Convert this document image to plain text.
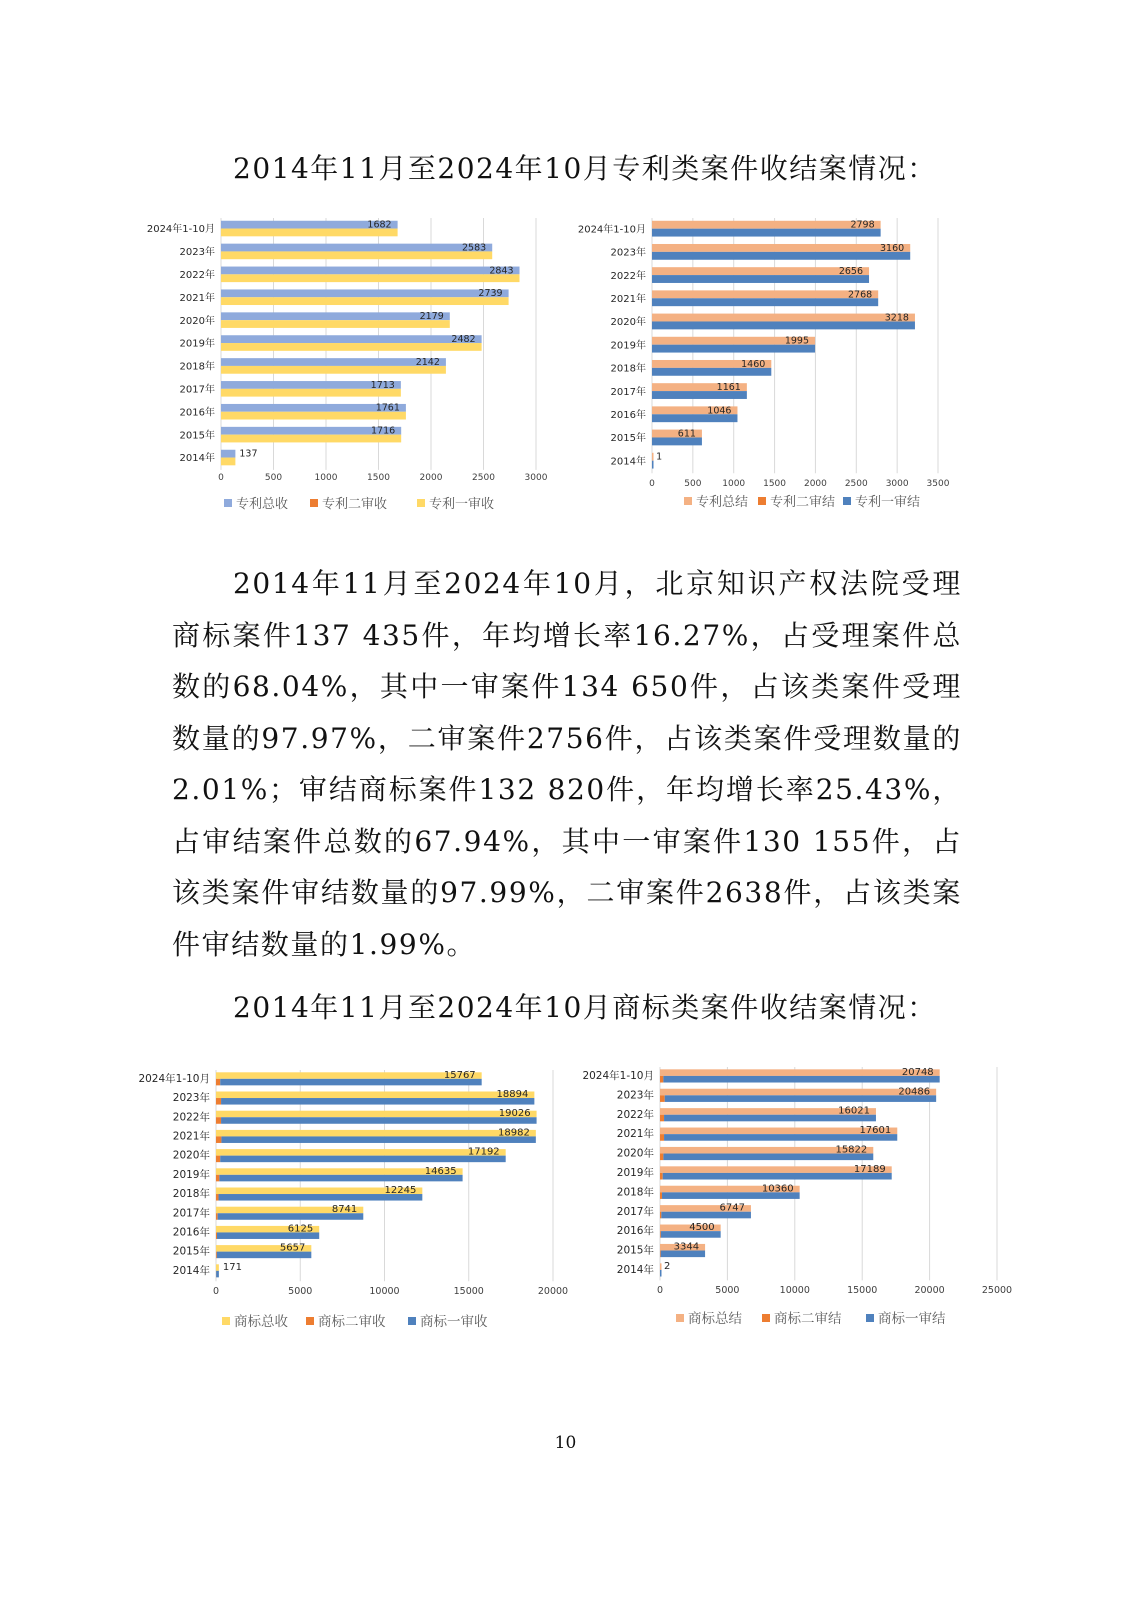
2014年11月至2024年10月专利类案件收结案情况：
0	500	1000	1500	2000	2500	3000
2024年1-10月	1682
2023年	2583
2022年	2843
2021年	2739
2020年	2179
2019年	2482
2018年	2142
2017年	1713
2016年	1761
2015年	1716
2014年	137
专利总收	专利二审收	专利一审收
0	500 1000 1500 2000 2500 3000 3500
2024年1-10月	2798
2023年	3160
2022年	2656
2021年	2768
2020年	3218
2019年	1995
2018年	1460
2017年	1161
2016年	1046
2015年	611
2014年 1
专利总结 专利二审结 专利一审结

2014年11月至2024年10月，北京知识产权法院受理商标案件137 435件，年均增长率16.27%，占受理案件总数的68.04%，其中一审案件134 650件，占该类案件受理数量的97.97%，二审案件2756件，占该类案件受理数量的2.01%；审结商标案件132 820件，年均增长率25.43%，占审结案件总数的67.94%，其中一审案件130 155件，占该类案件审结数量的97.99%，二审案件2638件，占该类案件审结数量的1.99%。

2014年11月至2024年10月商标类案件收结案情况：
0	5000	10000	15000	20000
2024年1-10月	15767
2023年	18894
2022年	19026
2021年	18982
2020年	17192
2019年	14635
2018年	12245
2017年	8741
2016年	6125
2015年	5657
2014年 171
商标总收 商标二审收	商标一审收
0	5000	10000	15000	20000	25000
2024年1-10月	20748
2023年	20486
2022年	16021
2021年	17601
2020年	15822
2019年	17189
2018年	10360
2017年	6747
2016年	4500
2015年 3344
2014年 2
商标总结 商标二审结	商标一审结
10
